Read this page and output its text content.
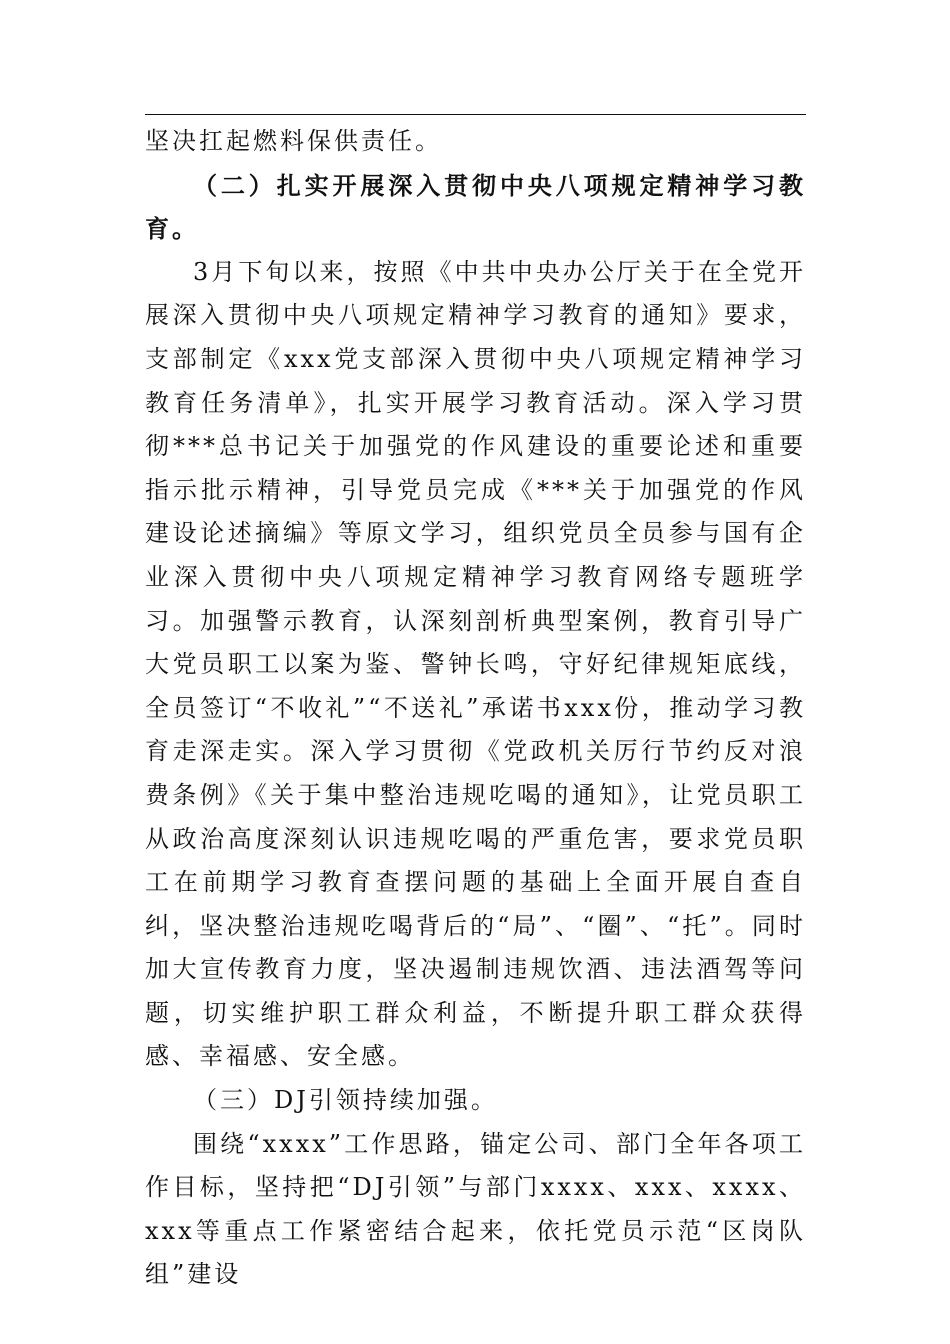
坚决扛起燃料保供责任。

（二）扎实开展深入贯彻中央八项规定精神学习教育。

3月下旬以来，按照《中共中央办公厅关于在全党开展深入贯彻中央八项规定精神学习教育的通知》要求，支部制定《xxx党支部深入贯彻中央八项规定精神学习教育任务清单》，扎实开展学习教育活动。深入学习贯彻***总书记关于加强党的作风建设的重要论述和重要指示批示精神，引导党员完成《***关于加强党的作风建设论述摘编》等原文学习，组织党员全员参与国有企业深入贯彻中央八项规定精神学习教育网络专题班学习。加强警示教育，认深刻剖析典型案例，教育引导广大党员职工以案为鉴、警钟长鸣，守好纪律规矩底线，全员签订“不收礼”“不送礼”承诺书xxx份，推动学习教育走深走实。深入学习贯彻《党政机关厉行节约反对浪费条例》《关于集中整治违规吃喝的通知》，让党员职工从政治高度深刻认识违规吃喝的严重危害，要求党员职工在前期学习教育查摆问题的基础上全面开展自查自纠，坚决整治违规吃喝背后的“局”、“圈”、“托”。同时加大宣传教育力度，坚决遏制违规饮酒、违法酒驾等问题，切实维护职工群众利益，不断提升职工群众获得感、幸福感、安全感。

（三）DJ引领持续加强。

围绕“xxxx”工作思路，锚定公司、部门全年各项工作目标，坚持把“DJ引领”与部门xxxx、xxx、xxxx、xxx等重点工作紧密结合起来，依托党员示范“区岗队组”建设
